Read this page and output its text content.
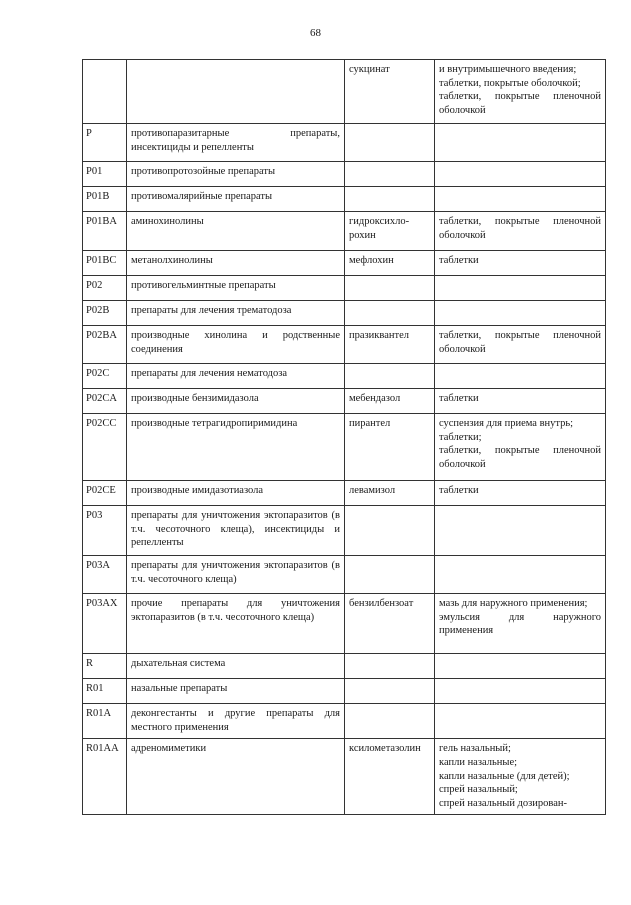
68
		сукцинат	и внутримышечного введения;
таблетки, покрытые оболочкой;
таблетки, покрытые пленочной оболочкой

P	противопаразитарные препараты, инсектициды и репелленты		
P01	противопротозойные препараты		
P01B	противомалярийные препараты		
P01BA	аминохинолины	гидроксихло-рохин	таблетки, покрытые пленочной оболочкой

P01BC	метанолхинолины	мефлохин	таблетки

P02	противогельминтные препараты		
P02B	препараты для лечения трематодоза		
P02BA	производные хинолина и родственные соединения	празиквантел	таблетки, покрытые пленочной оболочкой

P02C	препараты для лечения нематодоза		
P02CA	производные бензимидазола	мебендазол	таблетки

P02CC	производные тетрагидропиримидина	пирантел	суспензия для приема внутрь;
таблетки;
таблетки, покрытые пленочной оболочкой

P02CE	производные имидазотиазола	левамизол	таблетки

P03	препараты для уничтожения эктопаразитов (в т.ч. чесоточного клеща), инсектициды и репелленты		
P03A	препараты для уничтожения эктопаразитов (в т.ч. чесоточного клеща)		
P03AX	прочие препараты для уничтожения эктопаразитов (в т.ч. чесоточного клеща)	бензилбензоат	мазь для наружного применения;
эмульсия для наружного применения

R	дыхательная система		
R01	назальные препараты		
R01A	деконгестанты и другие препараты для местного применения		
R01AA	адреномиметики	ксилометазолин	гель назальный;
капли назальные;
капли назальные (для детей);
спрей назальный;
спрей назальный дозирован-
